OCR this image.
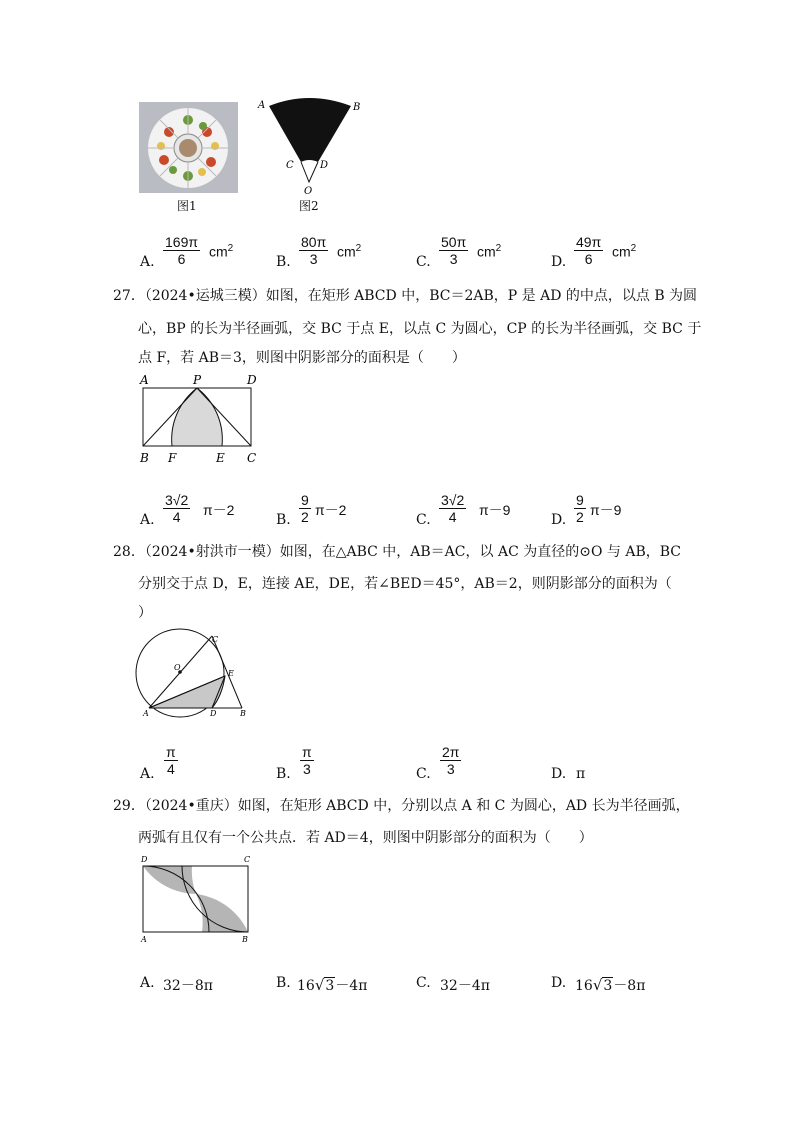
图1
A	B
C	D
O
图2
A.
169π
6	$cm^2$
B.
80π
3	$cm^2$
C.
50π
3	$cm^2$
D.
49π
6	$cm^2$
27．（2024•运城三模）如图，在矩形 ABCD 中，BC＝2AB，P 是 AD 的中点，以点 B 为圆
心，BP 的长为半径画弧，交 BC 于点 E，以点 C 为圆心，CP 的长为半径画弧，交 BC 于
点 F，若 AB＝3，则图中阴影部分的面积是（　　）
A	P	D
B F	E C
A.
3√2
4	π－2
B.
9
2 π－2
C.
3√2
4	π－9
D.
9
2 π－9
28．（2024•射洪市一模）如图，在△ABC 中，AB＝AC，以 AC 为直径的⊙O 与 AB，BC
分别交于点 D，E，连接 AE，DE，若∠BED＝45°，AB＝2，则阴影部分的面积为（
）
C
O
E
A	D	B
A.
π
4	B.
π
3	C.
2π
3	D. π
29．（2024•重庆）如图，在矩形 ABCD 中，分别以点 A 和 C 为圆心，AD 长为半径画弧，
两弧有且仅有一个公共点．若 AD＝4，则图中阴影部分的面积为（　　）
D	C
A	B
A. 32－8π	B. 16√3－4π	C. 32－4π	D. 16√3－8π
